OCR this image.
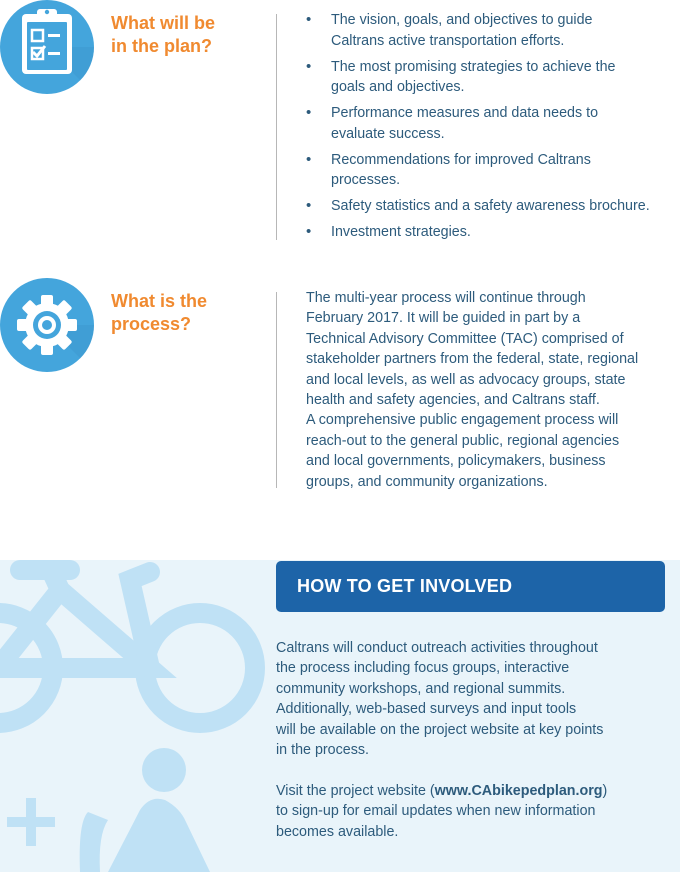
What will be
in the plan?
• The vision, goals, and objectives to guide
Caltrans active transportation efforts.
• The most promising strategies to achieve the
goals and objectives.
• Performance measures and data needs to
evaluate success.
• Recommendations for improved Caltrans
processes.
• Safety statistics and a safety awareness brochure.
• Investment strategies.
What is the
process?
The multi-year process will continue through
February 2017. It will be guided in part by a
Technical Advisory Committee (TAC) comprised of
stakeholder partners from the federal, state, regional
and local levels, as well as advocacy groups, state
health and safety agencies, and Caltrans staff.
A comprehensive public engagement process will
reach-out to the general public, regional agencies
and local governments, policymakers, business
groups, and community organizations.
HOW TO GET INVOLVED
Caltrans will conduct outreach activities throughout
the process including focus groups, interactive
community workshops, and regional summits.
Additionally, web-based surveys and input tools
will be available on the project website at key points
in the process.
Visit the project website (www.CAbikepedplan.org)
to sign-up for email updates when new information
becomes available.
